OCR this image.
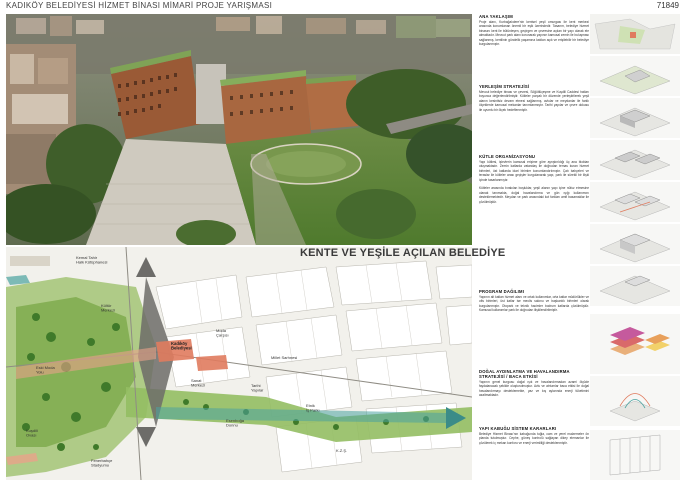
KADIKÖY BELEDİYESİ HİZMET BİNASI MİMARİ PROJE YARIŞMASI	71849
Kemal Tahir Halk Kütüphanesi
Eski Moda Yolu
Kadıköy Belediyesi
Moda Çarşısı
Millet Sarhnesi
Etnik İş Parkı
Esenboğa Donnu
K.Z.Ş.
Fenerbahçe Stadyumu
Kültür Merkezi
Sanat Merkezi	Tarihi Yapılar
Kuşdili Ovası
KENTE VE YEŞİLE AÇILAN BELEDİYE
ANA YAKLAŞIM

Proje alanı, Kurbağalıdere'nin kentsel yeşil omurgası ile kent merkezi arasında konumlanan önemli bir eşik üzerindedir. Tasarım, belediye hizmet binasını kent ile bütünleşen, geçirgen ve çevresine açılan bir yapı olarak ele almaktadır. Mevcut park alanı korunarak yapının kamusal zemin ile buluşması sağlanmış, kentlinin gündelik yaşamına katılan açık ve erişilebilir bir belediye kurgulanmıştır.

YERLEŞİM STRATEJİSİ

Mevcut belediye binası ve çevresi, Söğütlüçeşme ve Kuşdili Caddesi hatları boyunca değerlendirilmiştir. Kütleler parçalı bir düzende yerleştirilerek yeşil alanın kesintisiz devam etmesi sağlanmış, avlular ve meydanlar ile farklı ölçeklerde kamusal mekanlar tanımlanmıştır. Tarihi yapılar ve çevre dokusu ile uyumlu bir ölçek hedeflenmiştir.

KÜTLE ORGANİZASYONU

Yapı kütlesi, işlevlerin kamusal erişime göre ayrıştırıldığı üç ana bloktan oluşmaktadır. Zemin katlarda vatandaş ile doğrudan temas kuran hizmet birimleri, üst katlarda idari birimler konumlandırılmıştır. Çatı bahçeleri ve teraslar ile kütleler arası geçişler kurgulanarak yapı, park ile sürekli bir ilişki içinde tasarlanmıştır.

Kütleler arasında bırakılan boşluklar, yeşil alanın yapı içine nüfuz etmesine olanak tanımakta, doğal havalandırma ve gün ışığı kullanımını desteklemektedir. Meydan ve park arasındaki kot farkları amfi basamaklar ile çözülmüştür.

PROGRAM DAĞILIMI

Yapının alt katları hizmet alanı ve ortak kullanımlar, orta katlar müdürlükler ve ofis birimleri, üst katlar ise meclis salonu ve başkanlık birimleri olarak kurgulanmıştır. Otopark ve teknik hacimler bodrum katlarda çözülmüştür. Kamusal kullanımlar park ile doğrudan ilişkilendirilmiştir.

DOĞAL AYDINLATMA VE HAVALANDIRMA STRATEJİSİ / BACA ETKİSİ

Yapının genel kurgusu doğal ışık ve havalandırmadan azami ölçüde faydalanacak şekilde oluşturulmuştur. Avlu ve atriumlar baca etkisi ile doğal havalandırmayı desteklemekte, yaz ve kış aylarında enerji tüketimini azaltmaktadır.

YAPI KABUĞU SİSTEM KARARLARI

Belediye Hizmet Binası'nın kabuğunda tuğla, cam ve yerel malzemeler ön planda tutulmuştur. Cephe, güneş kontrolü sağlayan dikey elemanlar ile çözülerek iç mekan konforu ve enerji verimliliği desteklenmiştir.
